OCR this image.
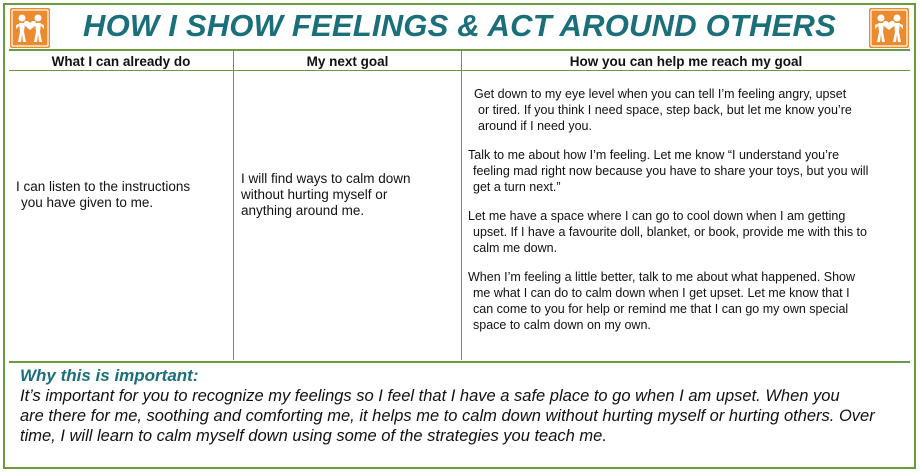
HOW I SHOW FEELINGS & ACT AROUND OTHERS
What I can already do	My next goal	How you can help me reach my goal
I can listen to the instructions
you have given to me.
I will find ways to calm down
without hurting myself or
anything around me.

Get down to my eye level when you can tell I’m feeling angry, upset
or tired. If you think I need space, step back, but let me know you’re
around if I need you.

Talk to me about how I’m feeling. Let me know “I understand you’re
feeling mad right now because you have to share your toys, but you will
get a turn next.”

Let me have a space where I can go to cool down when I am getting
upset. If I have a favourite doll, blanket, or book, provide me with this to
calm me down.

When I’m feeling a little better, talk to me about what happened. Show
me what I can do to calm down when I get upset. Let me know that I
can come to you for help or remind me that I can go my own special
space to calm down on my own.

Why this is important:
It’s important for you to recognize my feelings so I feel that I have a safe place to go when I am upset. When you
are there for me, soothing and comforting me, it helps me to calm down without hurting myself or hurting others. Over
time, I will learn to calm myself down using some of the strategies you teach me.
